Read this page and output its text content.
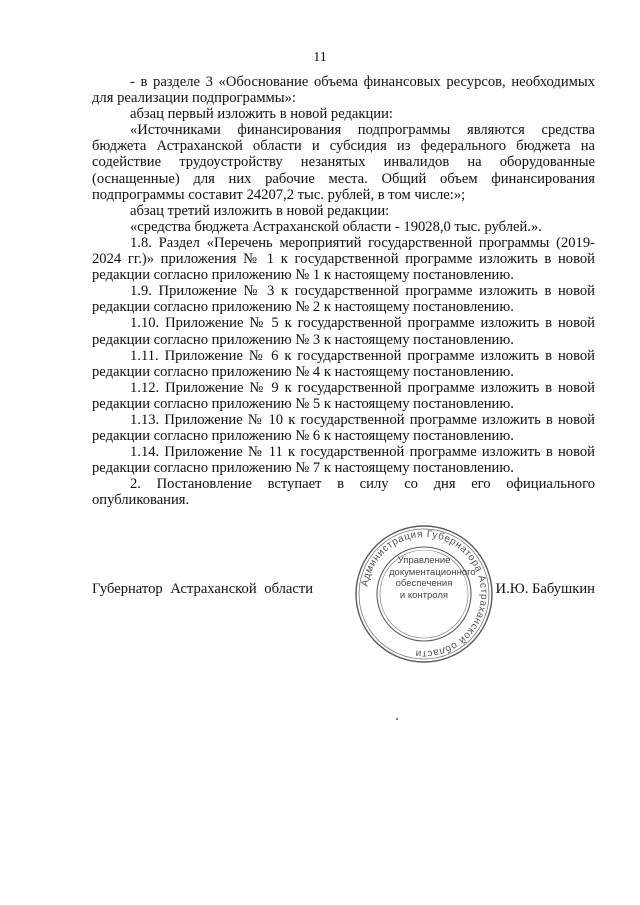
11

- в разделе 3 «Обоснование объема финансовых ресурсов, необходимых для реализации подпрограммы»:

абзац первый изложить в новой редакции:

«Источниками финансирования подпрограммы являются средства бюджета Астраханской области и субсидия из федерального бюджета на содействие трудоустройству незанятых инвалидов на оборудованные (оснащенные) для них рабочие места. Общий объем финансирования подпрограммы составит 24207,2 тыс. рублей, в том числе:»;

абзац третий изложить в новой редакции:

«средства бюджета Астраханской области - 19028,0 тыс. рублей.».

1.8. Раздел «Перечень мероприятий государственной программы (2019-2024 гг.)» приложения № 1 к государственной программе изложить в новой редакции согласно приложению № 1 к настоящему постановлению.

1.9. Приложение № 3 к государственной программе изложить в новой редакции согласно приложению № 2 к настоящему постановлению.

1.10. Приложение № 5 к государственной программе изложить в новой редакции согласно приложению № 3 к настоящему постановлению.

1.11. Приложение № 6 к государственной программе изложить в новой редакции согласно приложению № 4 к настоящему постановлению.

1.12. Приложение № 9 к государственной программе изложить в новой редакции согласно приложению № 5 к настоящему постановлению.

1.13. Приложение № 10 к государственной программе изложить в новой редакции согласно приложению № 6 к настоящему постановлению.

1.14. Приложение № 11 к государственной программе изложить в новой редакции согласно приложению № 7 к настоящему постановлению.

2. Постановление вступает в силу со дня его официального опубликования.

Губернатор Астраханской области	И.Ю. Бабушкин
Администрация Губернатора Астраханской области
Управление
документационного
обеспечения
и контроля
